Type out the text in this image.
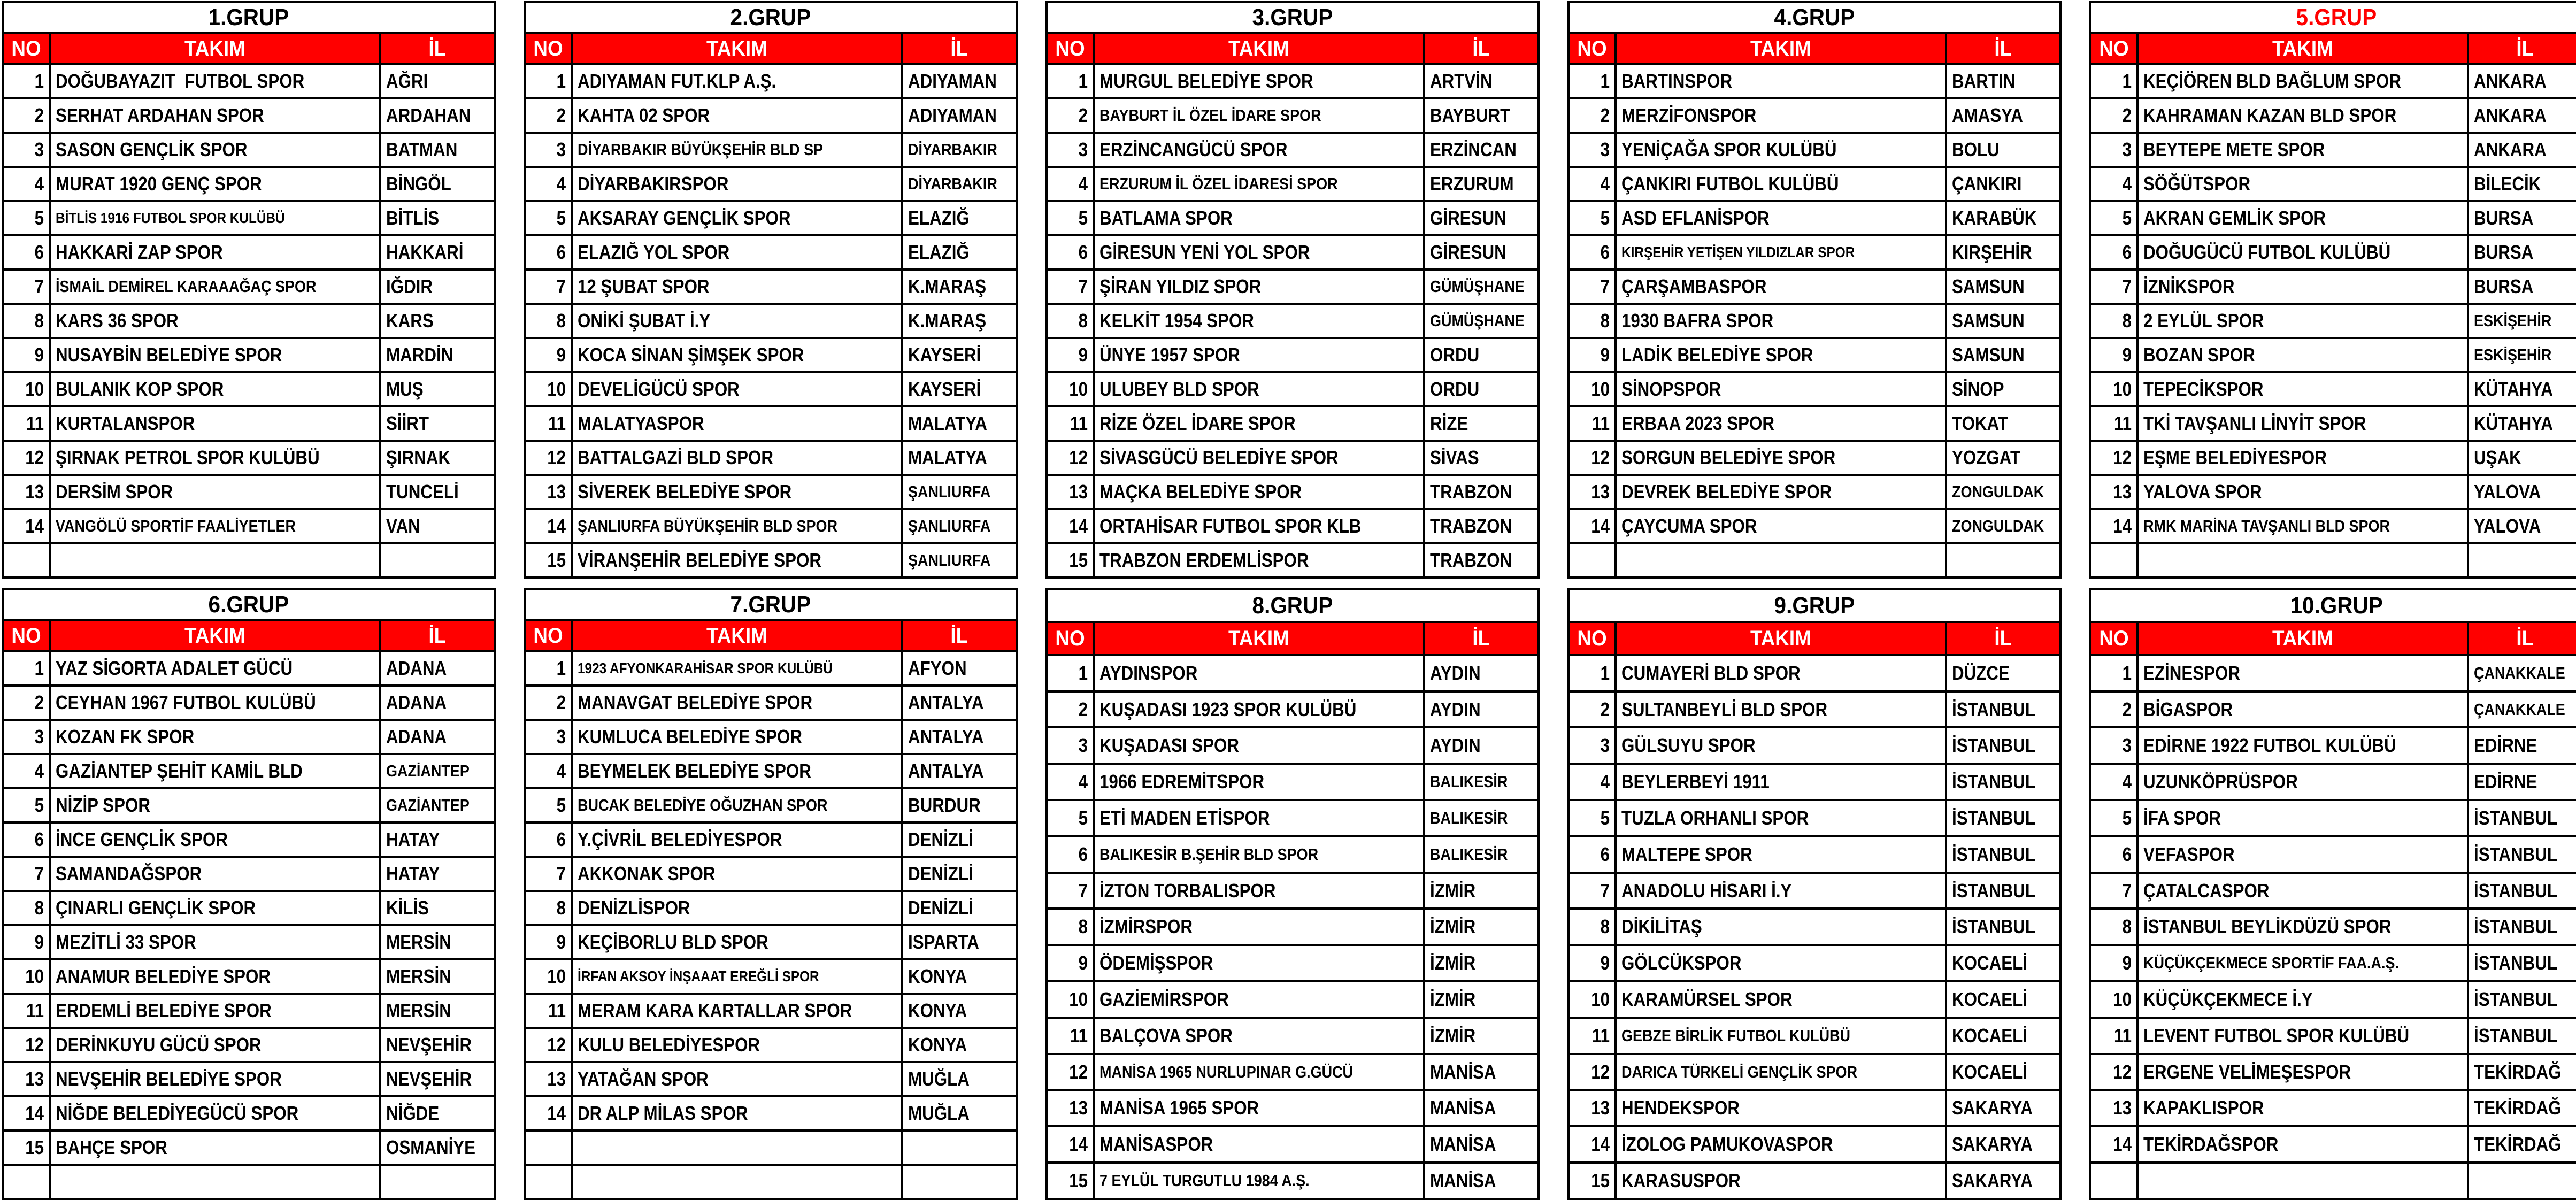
1.GRUP		
NO	TAKIM	İL
1	DOĞUBAYAZIT  FUTBOL SPOR	AĞRI
2	SERHAT ARDAHAN SPOR	ARDAHAN
3	SASON GENÇLİK SPOR	BATMAN
4	MURAT 1920 GENÇ SPOR	BİNGÖL
5	BİTLİS 1916 FUTBOL SPOR KULÜBÜ	BİTLİS
6	HAKKARİ ZAP SPOR	HAKKARİ
7	İSMAİL DEMİREL KARAAAĞAÇ SPOR	IĞDIR
8	KARS 36 SPOR	KARS
9	NUSAYBİN BELEDİYE SPOR	MARDİN
10	BULANIK KOP SPOR	MUŞ
11	KURTALANSPOR	SİİRT
12	ŞIRNAK PETROL SPOR KULÜBÜ	ŞIRNAK
13	DERSİM SPOR	TUNCELİ
14	VANGÖLÜ SPORTİF FAALİYETLER	VAN

2.GRUP		
NO	TAKIM	İL
1	ADIYAMAN FUT.KLP A.Ş.	ADIYAMAN
2	KAHTA 02 SPOR	ADIYAMAN
3	DİYARBAKIR BÜYÜKŞEHİR BLD SP	DİYARBAKIR
4	DİYARBAKIRSPOR	DİYARBAKIR
5	AKSARAY GENÇLİK SPOR	ELAZIĞ
6	ELAZIĞ YOL SPOR	ELAZIĞ
7	12 ŞUBAT SPOR	K.MARAŞ
8	ONİKİ ŞUBAT İ.Y	K.MARAŞ
9	KOCA SİNAN ŞİMŞEK SPOR	KAYSERİ
10	DEVELİGÜCÜ SPOR	KAYSERİ
11	MALATYASPOR	MALATYA
12	BATTALGAZİ BLD SPOR	MALATYA
13	SİVEREK BELEDİYE SPOR	ŞANLIURFA
14	ŞANLIURFA BÜYÜKŞEHİR BLD SPOR	ŞANLIURFA
15	VİRANŞEHİR BELEDİYE SPOR	ŞANLIURFA
3.GRUP		
NO	TAKIM	İL
1	MURGUL BELEDİYE SPOR	ARTVİN
2	BAYBURT İL ÖZEL İDARE SPOR	BAYBURT
3	ERZİNCANGÜCÜ SPOR	ERZİNCAN
4	ERZURUM İL ÖZEL İDARESİ SPOR	ERZURUM
5	BATLAMA SPOR	GİRESUN
6	GİRESUN YENİ YOL SPOR	GİRESUN
7	ŞİRAN YILDIZ SPOR	GÜMÜŞHANE
8	KELKİT 1954 SPOR	GÜMÜŞHANE
9	ÜNYE 1957 SPOR	ORDU
10	ULUBEY BLD SPOR	ORDU
11	RİZE ÖZEL İDARE SPOR	RİZE
12	SİVASGÜCÜ BELEDİYE SPOR	SİVAS
13	MAÇKA BELEDİYE SPOR	TRABZON
14	ORTAHİSAR FUTBOL SPOR KLB	TRABZON
15	TRABZON ERDEMLİSPOR	TRABZON
4.GRUP		
NO	TAKIM	İL
1	BARTINSPOR	BARTIN
2	MERZİFONSPOR	AMASYA
3	YENİÇAĞA SPOR KULÜBÜ	BOLU
4	ÇANKIRI FUTBOL KULÜBÜ	ÇANKIRI
5	ASD EFLANİSPOR	KARABÜK
6	KIRŞEHİR YETİŞEN YILDIZLAR SPOR	KIRŞEHİR
7	ÇARŞAMBASPOR	SAMSUN
8	1930 BAFRA SPOR	SAMSUN
9	LADİK BELEDİYE SPOR	SAMSUN
10	SİNOPSPOR	SİNOP
11	ERBAA 2023 SPOR	TOKAT
12	SORGUN BELEDİYE SPOR	YOZGAT
13	DEVREK BELEDİYE SPOR	ZONGULDAK
14	ÇAYCUMA SPOR	ZONGULDAK

5.GRUP		
NO	TAKIM	İL
1	KEÇİÖREN BLD BAĞLUM SPOR	ANKARA
2	KAHRAMAN KAZAN BLD SPOR	ANKARA
3	BEYTEPE METE SPOR	ANKARA
4	SÖĞÜTSPOR	BİLECİK
5	AKRAN GEMLİK SPOR	BURSA
6	DOĞUGÜCÜ FUTBOL KULÜBÜ	BURSA
7	İZNİKSPOR	BURSA
8	2 EYLÜL SPOR	ESKİŞEHİR
9	BOZAN SPOR	ESKİŞEHİR
10	TEPECİKSPOR	KÜTAHYA
11	TKİ TAVŞANLI LİNYİT SPOR	KÜTAHYA
12	EŞME BELEDİYESPOR	UŞAK
13	YALOVA SPOR	YALOVA
14	RMK MARİNA TAVŞANLI BLD SPOR	YALOVA

6.GRUP		
NO	TAKIM	İL
1	YAZ SİGORTA ADALET GÜCÜ	ADANA
2	CEYHAN 1967 FUTBOL KULÜBÜ	ADANA
3	KOZAN FK SPOR	ADANA
4	GAZİANTEP ŞEHİT KAMİL BLD	GAZİANTEP
5	NİZİP SPOR	GAZİANTEP
6	İNCE GENÇLİK SPOR	HATAY
7	SAMANDAĞSPOR	HATAY
8	ÇINARLI GENÇLİK SPOR	KİLİS
9	MEZİTLİ 33 SPOR	MERSİN
10	ANAMUR BELEDİYE SPOR	MERSİN
11	ERDEMLİ BELEDİYE SPOR	MERSİN
12	DERİNKUYU GÜCÜ SPOR	NEVŞEHİR
13	NEVŞEHİR BELEDİYE SPOR	NEVŞEHİR
14	NİĞDE BELEDİYEGÜCÜ SPOR	NİĞDE
15	BAHÇE SPOR	OSMANİYE

7.GRUP		
NO	TAKIM	İL
1	1923 AFYONKARAHİSAR SPOR KULÜBÜ	AFYON
2	MANAVGAT BELEDİYE SPOR	ANTALYA
3	KUMLUCA BELEDİYE SPOR	ANTALYA
4	BEYMELEK BELEDİYE SPOR	ANTALYA
5	BUCAK BELEDİYE OĞUZHAN SPOR	BURDUR
6	Y.ÇİVRİL BELEDİYESPOR	DENİZLİ
7	AKKONAK SPOR	DENİZLİ
8	DENİZLİSPOR	DENİZLİ
9	KEÇİBORLU BLD SPOR	ISPARTA
10	İRFAN AKSOY İNŞAAAT EREĞLİ SPOR	KONYA
11	MERAM KARA KARTALLAR SPOR	KONYA
12	KULU BELEDİYESPOR	KONYA
13	YATAĞAN SPOR	MUĞLA
14	DR ALP MİLAS SPOR	MUĞLA

8.GRUP		
NO	TAKIM	İL
1	AYDINSPOR	AYDIN
2	KUŞADASI 1923 SPOR KULÜBÜ	AYDIN
3	KUŞADASI SPOR	AYDIN
4	1966 EDREMİTSPOR	BALIKESİR
5	ETİ MADEN ETİSPOR	BALIKESİR
6	BALIKESİR B.ŞEHİR BLD SPOR	BALIKESİR
7	İZTON TORBALISPOR	İZMİR
8	İZMİRSPOR	İZMİR
9	ÖDEMİŞSPOR	İZMİR
10	GAZİEMİRSPOR	İZMİR
11	BALÇOVA SPOR	İZMİR
12	MANİSA 1965 NURLUPINAR G.GÜCÜ	MANİSA
13	MANİSA 1965 SPOR	MANİSA
14	MANİSASPOR	MANİSA
15	7 EYLÜL TURGUTLU 1984 A.Ş.	MANİSA
9.GRUP		
NO	TAKIM	İL
1	CUMAYERİ BLD SPOR	DÜZCE
2	SULTANBEYLİ BLD SPOR	İSTANBUL
3	GÜLSUYU SPOR	İSTANBUL
4	BEYLERBEYİ 1911	İSTANBUL
5	TUZLA ORHANLI SPOR	İSTANBUL
6	MALTEPE SPOR	İSTANBUL
7	ANADOLU HİSARI İ.Y	İSTANBUL
8	DİKİLİTAŞ	İSTANBUL
9	GÖLCÜKSPOR	KOCAELİ
10	KARAMÜRSEL SPOR	KOCAELİ
11	GEBZE BİRLİK FUTBOL KULÜBÜ	KOCAELİ
12	DARICA TÜRKELİ GENÇLİK SPOR	KOCAELİ
13	HENDEKSPOR	SAKARYA
14	İZOLOG PAMUKOVASPOR	SAKARYA
15	KARASUSPOR	SAKARYA
10.GRUP		
NO	TAKIM	İL
1	EZİNESPOR	ÇANAKKALE
2	BİGASPOR	ÇANAKKALE
3	EDİRNE 1922 FUTBOL KULÜBÜ	EDİRNE
4	UZUNKÖPRÜSPOR	EDİRNE
5	İFA SPOR	İSTANBUL
6	VEFASPOR	İSTANBUL
7	ÇATALCASPOR	İSTANBUL
8	İSTANBUL BEYLİKDÜZÜ SPOR	İSTANBUL
9	KÜÇÜKÇEKMECE SPORTİF FAA.A.Ş.	İSTANBUL
10	KÜÇÜKÇEKMECE İ.Y	İSTANBUL
11	LEVENT FUTBOL SPOR KULÜBÜ	İSTANBUL
12	ERGENE VELİMEŞESPOR	TEKİRDAĞ
13	KAPAKLISPOR	TEKİRDAĞ
14	TEKİRDAĞSPOR	TEKİRDAĞ
